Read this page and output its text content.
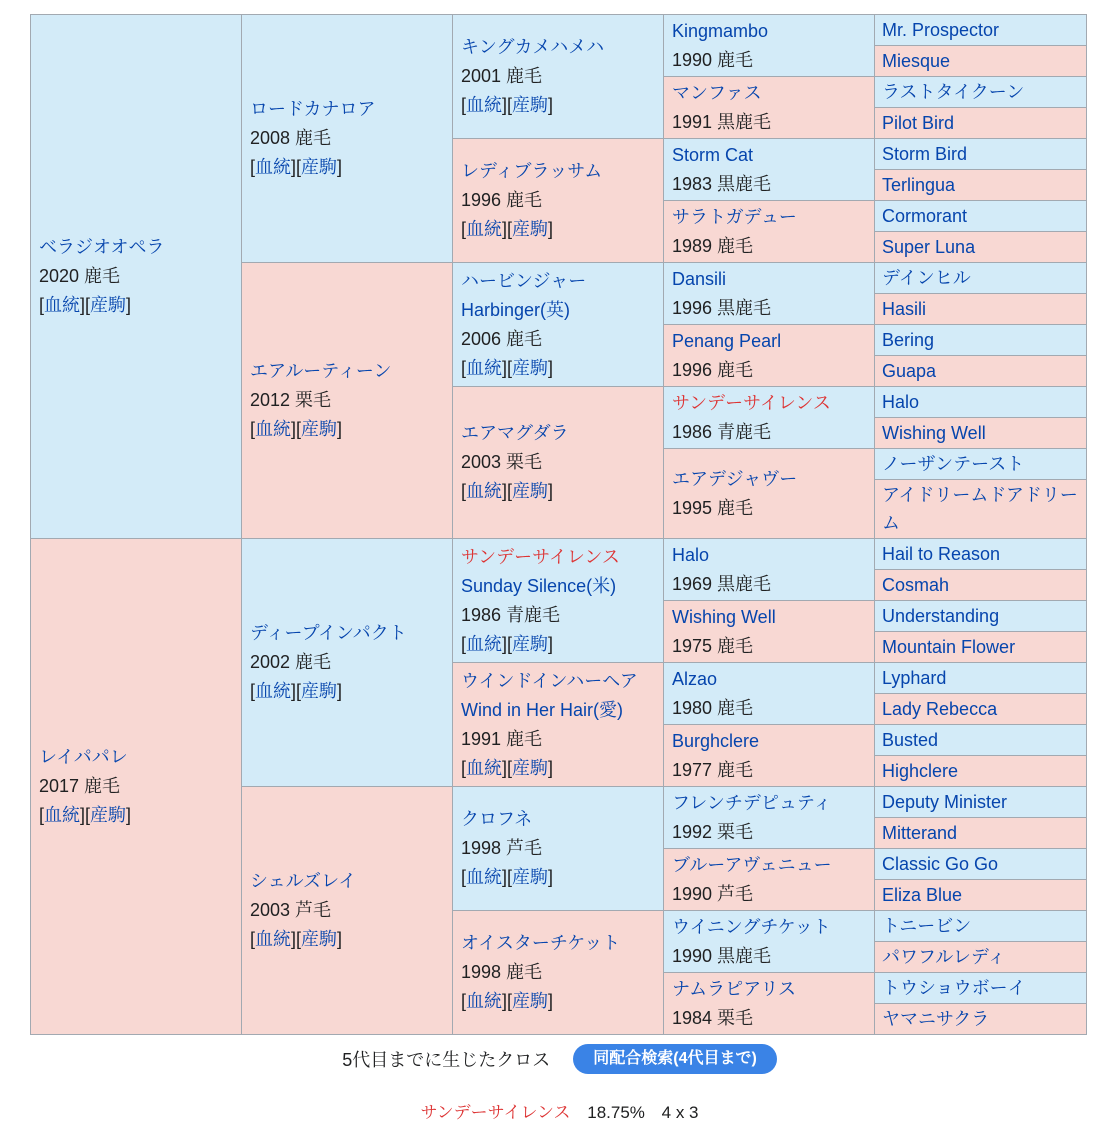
ベラジオオペラ
2020 鹿毛
[血統][産駒]	ロードカナロア
2008 鹿毛
[血統][産駒]	キングカメハメハ
2001 鹿毛
[血統][産駒]	Kingmambo
1990 鹿毛	Mr. Prospector
				Miesque

			マンファス
1991 黒鹿毛	ラストタイクーン
				Pilot Bird

		レディブラッサム
1996 鹿毛
[血統][産駒]	Storm Cat
1983 黒鹿毛	Storm Bird
				Terlingua

			サラトガデュー
1989 鹿毛	Cormorant
				Super Luna

	エアルーティーン
2012 栗毛
[血統][産駒]	ハービンジャー
Harbinger(英)
2006 鹿毛
[血統][産駒]	Dansili
1996 黒鹿毛	デインヒル
				Hasili

			Penang Pearl
1996 鹿毛	Bering
				Guapa

		エアマグダラ
2003 栗毛
[血統][産駒]	サンデーサイレンス
1986 青鹿毛	Halo
				Wishing Well

			エアデジャヴー
1995 鹿毛	ノーザンテースト
				アイドリームドアドリーム

レイパパレ
2017 鹿毛
[血統][産駒]	ディープインパクト
2002 鹿毛
[血統][産駒]	サンデーサイレンス
Sunday Silence(米)
1986 青鹿毛
[血統][産駒]	Halo
1969 黒鹿毛	Hail to Reason
				Cosmah

			Wishing Well
1975 鹿毛	Understanding
				Mountain Flower

		ウインドインハーヘア
Wind in Her Hair(愛)
1991 鹿毛
[血統][産駒]	Alzao
1980 鹿毛	Lyphard
				Lady Rebecca

			Burghclere
1977 鹿毛	Busted
				Highclere

	シェルズレイ
2003 芦毛
[血統][産駒]	クロフネ
1998 芦毛
[血統][産駒]	フレンチデピュティ
1992 栗毛	Deputy Minister
				Mitterand

			ブルーアヴェニュー
1990 芦毛	Classic Go Go
				Eliza Blue

		オイスターチケット
1998 鹿毛
[血統][産駒]	ウイニングチケット
1990 黒鹿毛	トニービン
				パワフルレディ

			ナムラピアリス
1984 栗毛	トウショウボーイ
				ヤマニサクラ
5代目までに生じたクロス	同配合検索(4代目まで)
サンデーサイレンス 18.75% 4 x 3
